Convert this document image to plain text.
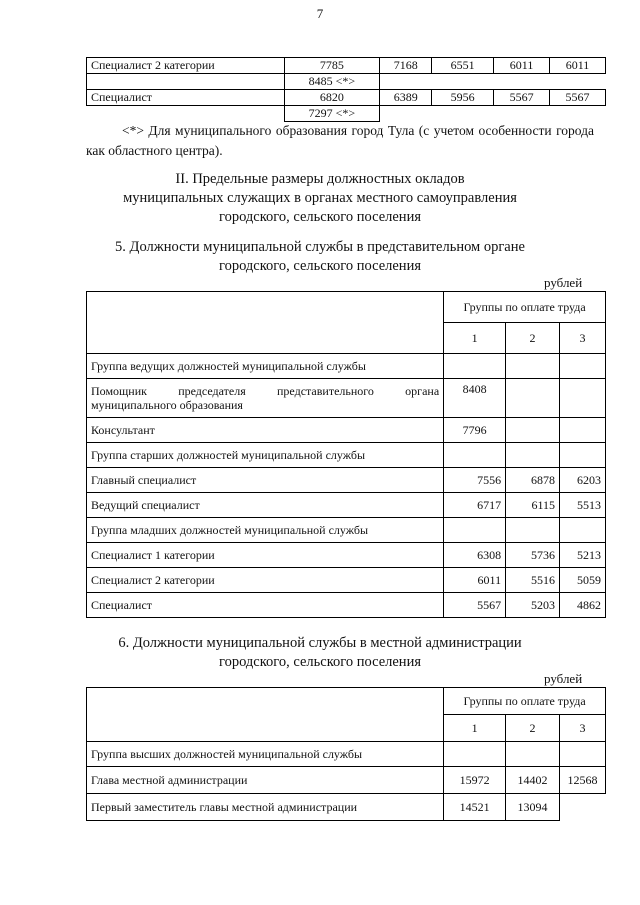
7
Специалист 2 категории	7785	7168	6551	6011	6011
	8485 <*>				
Специалист	6820	6389	5956	5567	5567
	7297 <*>				
<*> Для муниципального образования город Тула (с учетом особенности города как областного центра).
II. Предельные размеры должностных окладов
муниципальных служащих в органах местного самоуправления
городского, сельского поселения
5. Должности муниципальной службы в представительном органе
городского, сельского поселения
рублей
	Группы по оплате труда		
	1	2	3
Группа ведущих должностей муниципальной службы			
Помощник председателя представительного органа муниципального образования	8408		
Консультант	7796		
Группа старших должностей муниципальной службы			
Главный специалист	7556	6878	6203
Ведущий специалист	6717	6115	5513
Группа младших должностей муниципальной службы			
Специалист 1 категории	6308	5736	5213
Специалист 2 категории	6011	5516	5059
Специалист	5567	5203	4862
6. Должности муниципальной службы в местной администрации
городского, сельского поселения
рублей
	Группы по оплате труда		
	1	2	3
Группа высших должностей муниципальной службы			
Глава местной администрации	15972	14402	12568
Первый заместитель главы местной администрации	14521	13094	
